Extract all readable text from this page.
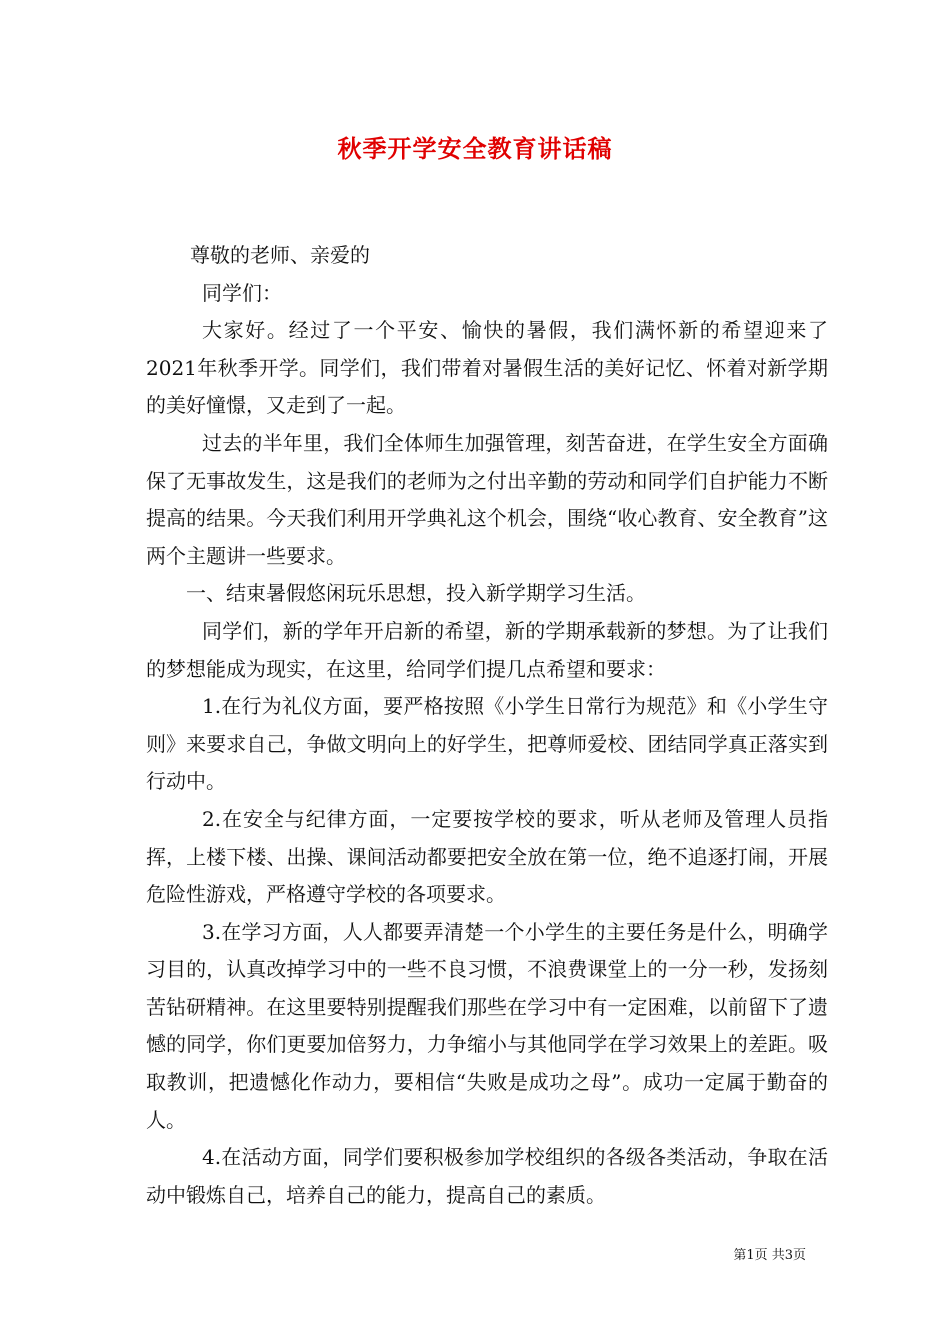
秋季开学安全教育讲话稿

尊敬的老师、亲爱的

同学们：

大家好。经过了一个平安、愉快的暑假，我们满怀新的希望迎来了2021年秋季开学。同学们，我们带着对暑假生活的美好记忆、怀着对新学期的美好憧憬，又走到了一起。

过去的半年里，我们全体师生加强管理，刻苦奋进，在学生安全方面确保了无事故发生，这是我们的老师为之付出辛勤的劳动和同学们自护能力不断提高的结果。今天我们利用开学典礼这个机会，围绕“收心教育、安全教育”这两个主题讲一些要求。

一、结束暑假悠闲玩乐思想，投入新学期学习生活。

同学们，新的学年开启新的希望，新的学期承载新的梦想。为了让我们的梦想能成为现实，在这里，给同学们提几点希望和要求：

1.在行为礼仪方面，要严格按照《小学生日常行为规范》和《小学生守则》来要求自己，争做文明向上的好学生，把尊师爱校、团结同学真正落实到行动中。

2.在安全与纪律方面，一定要按学校的要求，听从老师及管理人员指挥，上楼下楼、出操、课间活动都要把安全放在第一位，绝不追逐打闹，开展危险性游戏，严格遵守学校的各项要求。

3.在学习方面，人人都要弄清楚一个小学生的主要任务是什么，明确学习目的，认真改掉学习中的一些不良习惯，不浪费课堂上的一分一秒，发扬刻苦钻研精神。在这里要特别提醒我们那些在学习中有一定困难，以前留下了遗憾的同学，你们更要加倍努力，力争缩小与其他同学在学习效果上的差距。吸取教训，把遗憾化作动力，要相信“失败是成功之母”。成功一定属于勤奋的人。

4.在活动方面，同学们要积极参加学校组织的各级各类活动，争取在活动中锻炼自己，培养自己的能力，提高自己的素质。

第1页 共3页
